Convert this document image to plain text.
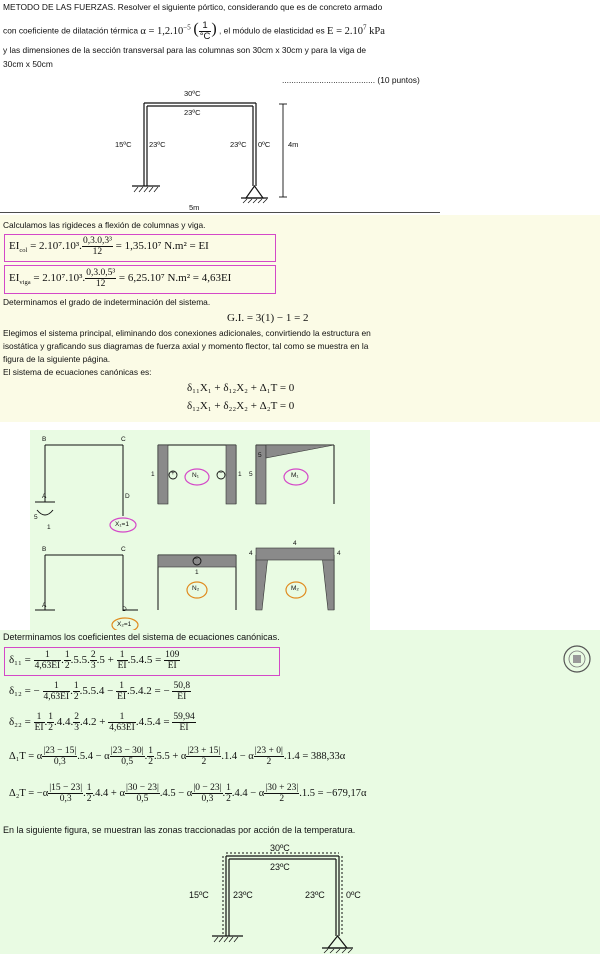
METODO DE LAS FUERZAS. Resolver el siguiente pórtico, considerando que es de concreto armado
con coeficiente de dilatación térmica $\alpha = 1,2.10^{-5}$ ( $\frac{1}{^\circ C}$ ) , el módulo de elasticidad es $E = 2.10^7$ kPa
y las dimensiones de la sección transversal para las columnas son 30cm x 30cm y para la viga de
30cm x 50cm
........................................ (10 puntos)
30ºC
23ºC
15ºC 23ºC	23ºC 0ºC 4m
5m
Calculamos las rigideces a flexión de columnas y viga.
$EI_{col} = 2.10^7.10^3$. $\frac{\text{0,3.0,3³}}{12} = 1,35.10^7$ N.m² = EI
$EI_{viga} = 2.10^7.10^3$. $\frac{\text{0,3.0,5³}}{12} = 6,25.10^7$ N.m² = 4,63EI
Determinamos el grado de indeterminación del sistema.
G.I. = 3(1) − 1 = 2
Elegimos el sistema principal, eliminando dos conexiones adicionales, convirtiendo la estructura en
isostática y graficando sus diagramas de fuerza axial y momento flector, tal como se muestra en la
figura de la siguiente página.
El sistema de ecuaciones canónicas es:
δ₁₁X₁ + δ₁₂X₂ + Δ₁T = 0
δ₁₂X₁ + δ₂₂X₂ + Δ₂T = 0
B	C
A	D
5
1	X₁=1
1	+	− 1
N₁
5
5	M₁
B	C
A
D
X₂=1
−
1
N₂
4
4	4
M₂
Determinamos los coeficientes del sistema de ecuaciones canónicas.
$\delta_{11} = \frac{1}{4,63EI}$ . $\frac{1}{2} .5.5$. $\frac{2}{3} .5 + \frac{1}{EI} .5.4.5 = \frac{109}{EI}$
δ₁₂ = − $\frac{1}{4,63EI}$ . $\frac{1}{2} .5.5.4 - \frac{1}{EI} .5.4.2$ = − $\frac{50,8}{EI}$
$\delta_{22} = \frac{1}{EI}$ . $\frac{1}{2} .4.4$. $\frac{2}{3} .4.2 + \frac{1}{4,63EI} .4.5.4 = \frac{59,94}{EI}$
Δ₁T = α $\frac{|23 - 15|}{0,3} .5.4 - \alpha \frac{|23 - 30|}{0,5}$ . $\frac{1}{2} .5.5 + \alpha \frac{|23 + 15|}{2} .1.4 - \alpha \frac{|23 + 0|}{2} .1.4 = 388,33\alpha$
$\Delta_2T = -\alpha \frac{|15 - 23|}{0,3}$ . $\frac{1}{2} .4.4 + \alpha \frac{|30 - 23|}{0,5} .4.5 - \alpha \frac{|0 - 23|}{0,3}$ . $\frac{1}{2} .4.4 - \alpha \frac{|30 + 23|}{2} .1.5 = -679,17\alpha$
En la siguiente figura, se muestran las zonas traccionadas por acción de la temperatura.
30ºC
23ºC
15ºC	23ºC	23ºC 0ºC
